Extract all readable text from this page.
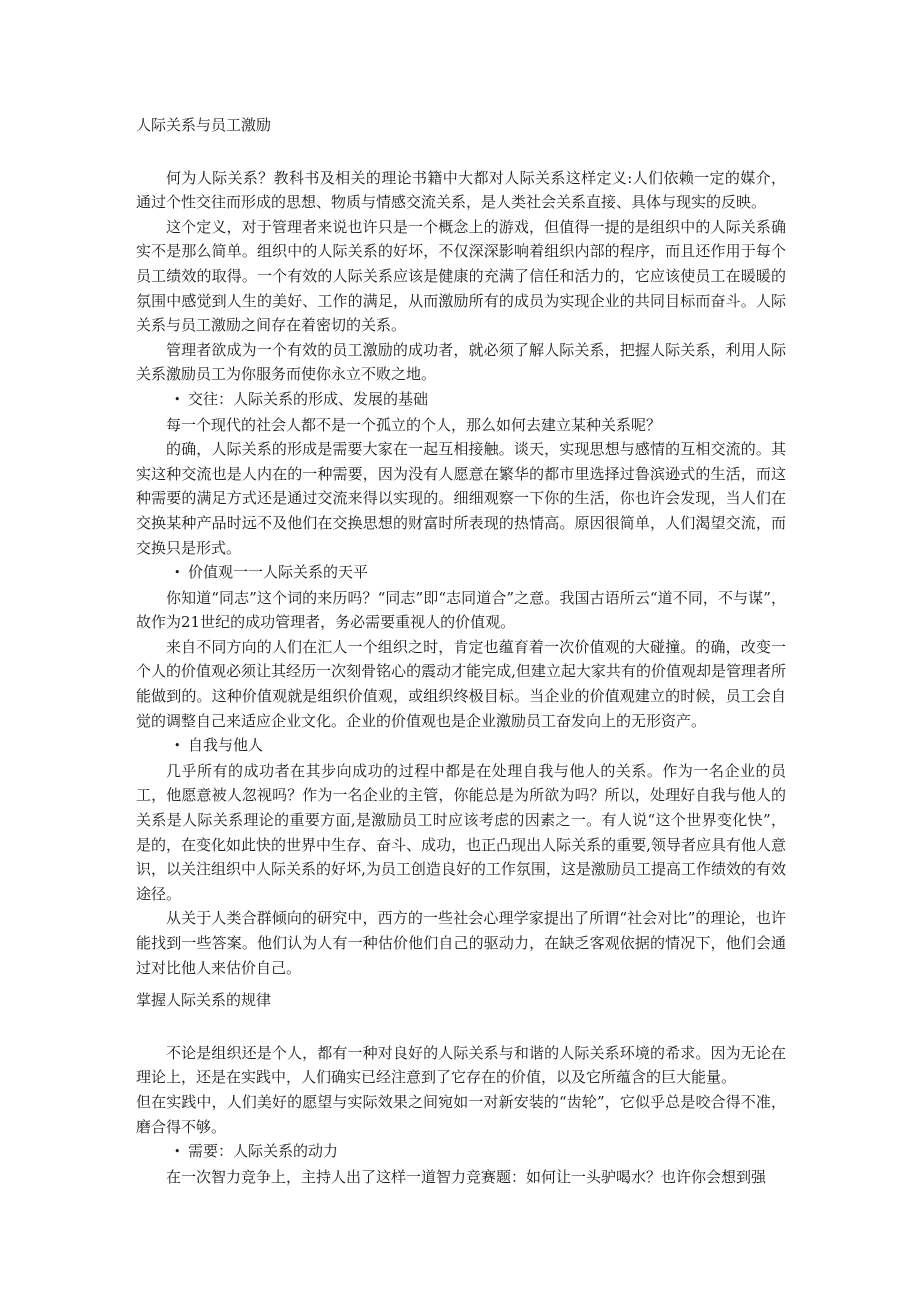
人际关系与员工激励

何为人际关系？教科书及相关的理论书籍中大都对人际关系这样定义:人们依赖一定的媒介，通过个性交往而形成的思想、物质与情感交流关系，是人类社会关系直接、具体与现实的反映。

这个定义，对于管理者来说也许只是一个概念上的游戏，但值得一提的是组织中的人际关系确实不是那么简单。组织中的人际关系的好坏，不仅深深影响着组织内部的程序，而且还作用于每个员工绩效的取得。一个有效的人际关系应该是健康的充满了信任和活力的，它应该使员工在暖暖的氛围中感觉到人生的美好、工作的满足，从而激励所有的成员为实现企业的共同目标而奋斗。人际关系与员工激励之间存在着密切的关系。

管理者欲成为一个有效的员工激励的成功者，就必须了解人际关系，把握人际关系，利用人际关系激励员工为你服务而使你永立不败之地。

• 交往：人际关系的形成、发展的基础

每一个现代的社会人都不是一个孤立的个人，那么如何去建立某种关系呢？

的确，人际关系的形成是需要大家在一起互相接触。谈天，实现思想与感情的互相交流的。其实这种交流也是人内在的一种需要，因为没有人愿意在繁华的都市里选择过鲁滨逊式的生活，而这种需要的满足方式还是通过交流来得以实现的。细细观察一下你的生活，你也许会发现，当人们在交换某种产品时远不及他们在交换思想的财富时所表现的热情高。原因很简单，人们渴望交流，而交换只是形式。

• 价值观一一人际关系的天平

你知道“同志”这个词的来历吗？“同志”即“志同道合”之意。我国古语所云“道不同，不与谋”，故作为21世纪的成功管理者，务必需要重视人的价值观。

来自不同方向的人们在汇人一个组织之时，肯定也蕴育着一次价值观的大碰撞。的确，改变一个人的价值观必须让其经历一次刻骨铭心的震动才能完成,但建立起大家共有的价值观却是管理者所能做到的。这种价值观就是组织价值观，或组织终极目标。当企业的价值观建立的时候，员工会自觉的调整自己来适应企业文化。企业的价值观也是企业激励员工奋发向上的无形资产。

• 自我与他人

几乎所有的成功者在其步向成功的过程中都是在处理自我与他人的关系。作为一名企业的员工，他愿意被人忽视吗？作为一名企业的主管，你能总是为所欲为吗？所以，处理好自我与他人的关系是人际关系理论的重要方面,是激励员工时应该考虑的因素之一。有人说“这个世界变化快”，是的，在变化如此快的世界中生存、奋斗、成功，也正凸现出人际关系的重要,领导者应具有他人意识，以关注组织中人际关系的好坏,为员工创造良好的工作氛围，这是激励员工提高工作绩效的有效途径。

从关于人类合群倾向的研究中，西方的一些社会心理学家提出了所谓“社会对比”的理论，也许能找到一些答案。他们认为人有一种估价他们自己的驱动力，在缺乏客观依据的情况下，他们会通过对比他人来估价自己。

掌握人际关系的规律

不论是组织还是个人，都有一种对良好的人际关系与和谐的人际关系环境的希求。因为无论在理论上，还是在实践中，人们确实已经注意到了它存在的价值，以及它所蕴含的巨大能量。

但在实践中，人们美好的愿望与实际效果之间宛如一对新安装的“齿轮”，它似乎总是咬合得不准，磨合得不够。

• 需要：人际关系的动力

在一次智力竞争上，主持人出了这样一道智力竞赛题：如何让一头驴喝水？也许你会想到强
